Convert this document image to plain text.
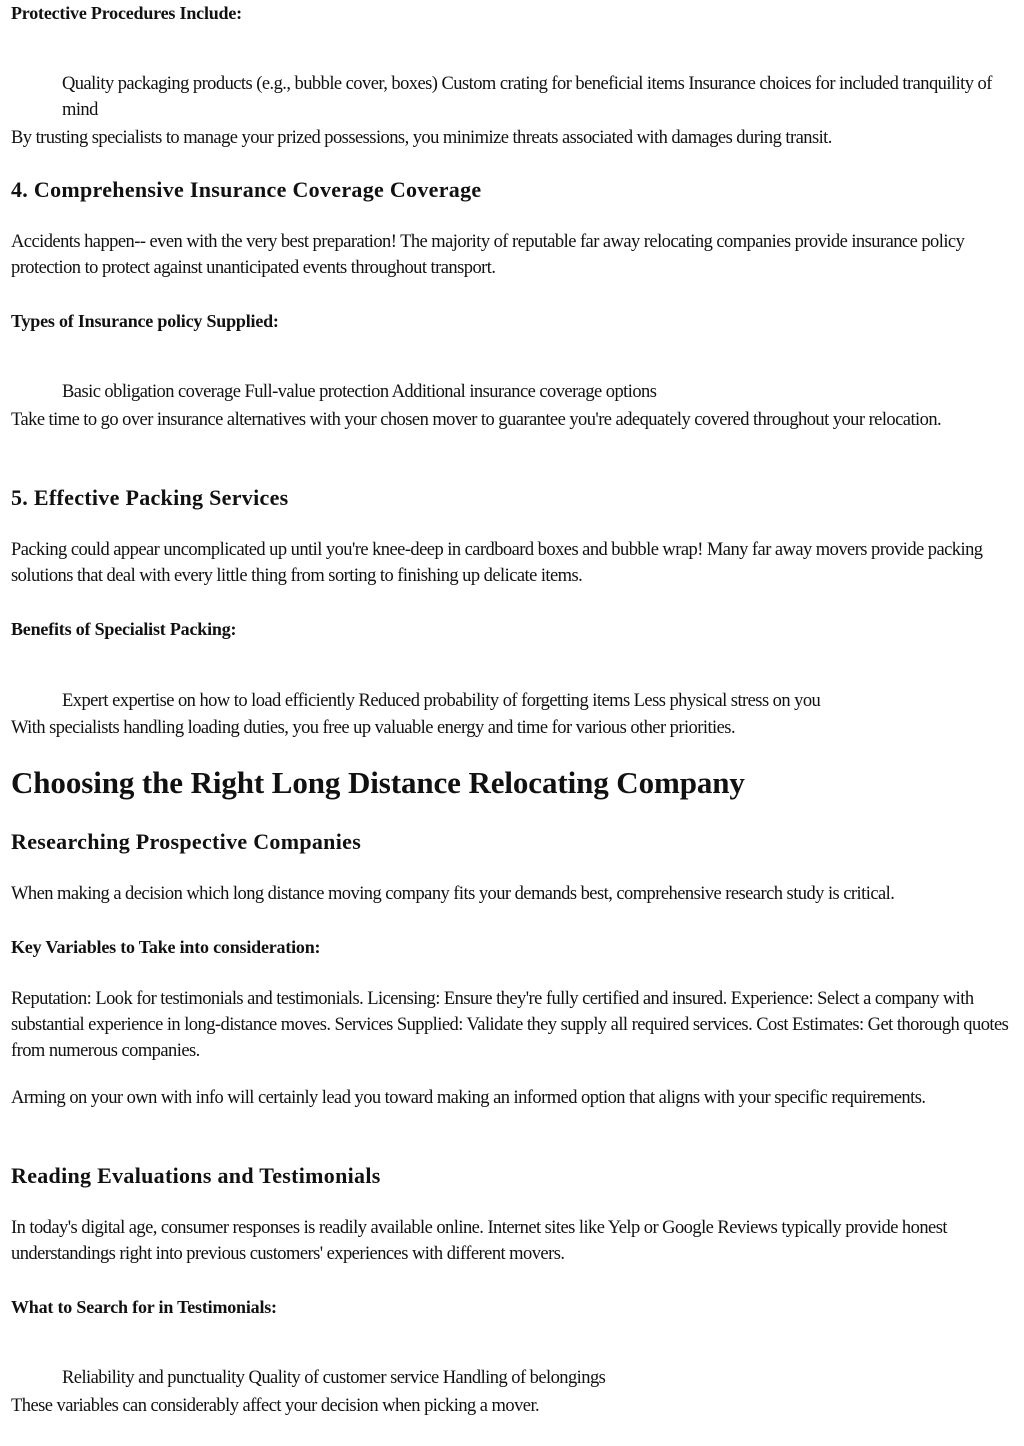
Protective Procedures Include:

Quality packaging products (e.g., bubble cover, boxes) Custom crating for beneficial items Insurance choices for included tranquility of mind

By trusting specialists to manage your prized possessions, you minimize threats associated with damages during transit.

4. Comprehensive Insurance Coverage Coverage

Accidents happen-- even with the very best preparation! The majority of reputable far away relocating companies provide insurance policy protection to protect against unanticipated events throughout transport.

Types of Insurance policy Supplied:

Basic obligation coverage Full-value protection Additional insurance coverage options

Take time to go over insurance alternatives with your chosen mover to guarantee you're adequately covered throughout your relocation.

5. Effective Packing Services

Packing could appear uncomplicated up until you're knee-deep in cardboard boxes and bubble wrap! Many far away movers provide packing solutions that deal with every little thing from sorting to finishing up delicate items.

Benefits of Specialist Packing:

Expert expertise on how to load efficiently Reduced probability of forgetting items Less physical stress on you

With specialists handling loading duties, you free up valuable energy and time for various other priorities.

Choosing the Right Long Distance Relocating Company
Researching Prospective Companies

When making a decision which long distance moving company fits your demands best, comprehensive research study is critical.

Key Variables to Take into consideration:

Reputation: Look for testimonials and testimonials. Licensing: Ensure they're fully certified and insured. Experience: Select a company with substantial experience in long-distance moves. Services Supplied: Validate they supply all required services. Cost Estimates: Get thorough quotes from numerous companies.

Arming on your own with info will certainly lead you toward making an informed option that aligns with your specific requirements.

Reading Evaluations and Testimonials

In today's digital age, consumer responses is readily available online. Internet sites like Yelp or Google Reviews typically provide honest understandings right into previous customers' experiences with different movers.

What to Search for in Testimonials:

Reliability and punctuality Quality of customer service Handling of belongings

These variables can considerably affect your decision when picking a mover.
